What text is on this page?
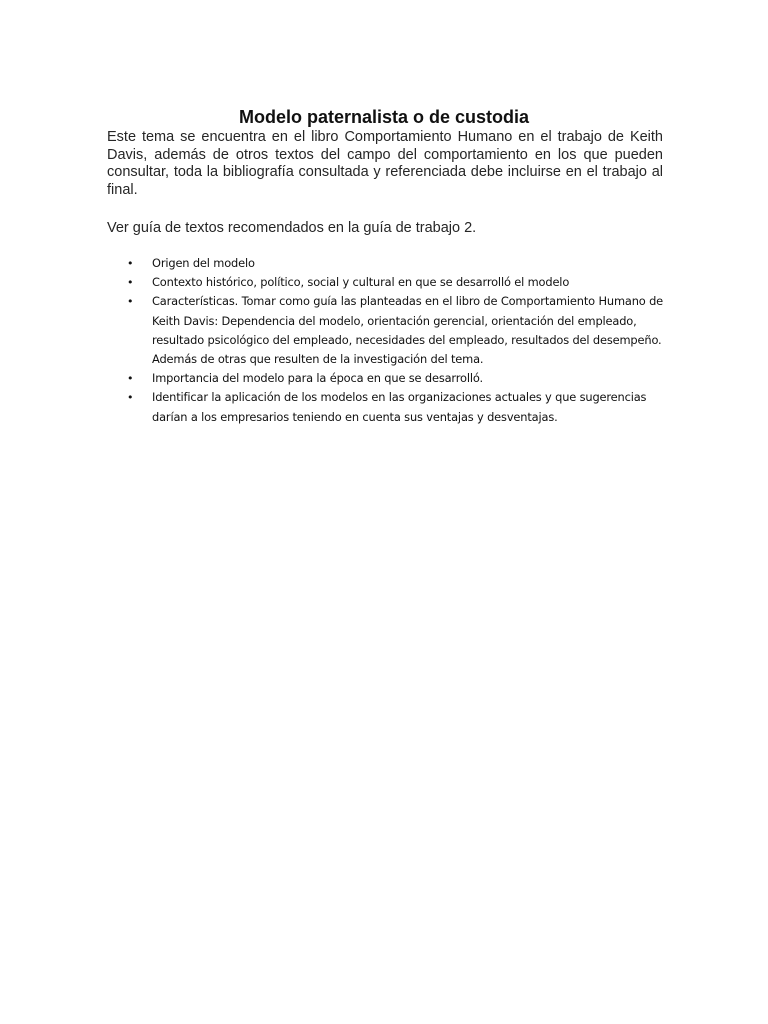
Modelo paternalista o de custodia

Este tema se encuentra en el libro Comportamiento Humano en el trabajo de Keith Davis, además de otros textos del campo del comportamiento en los que pueden consultar, toda la bibliografía consultada y referenciada debe incluirse en el trabajo al final.

Ver guía de textos recomendados en la guía de trabajo 2.

• Origen del modelo
• Contexto histórico, político, social y cultural en que se desarrolló el modelo
• Características. Tomar como guía las planteadas en el libro de Comportamiento Humano de Keith Davis: Dependencia del modelo, orientación gerencial, orientación del empleado, resultado psicológico del empleado, necesidades del empleado, resultados del desempeño. Además de otras que resulten de la investigación del tema.
• Importancia del modelo para la época en que se desarrolló.
• Identificar la aplicación de los modelos en las organizaciones actuales y que sugerencias darían a los empresarios teniendo en cuenta sus ventajas y desventajas.
